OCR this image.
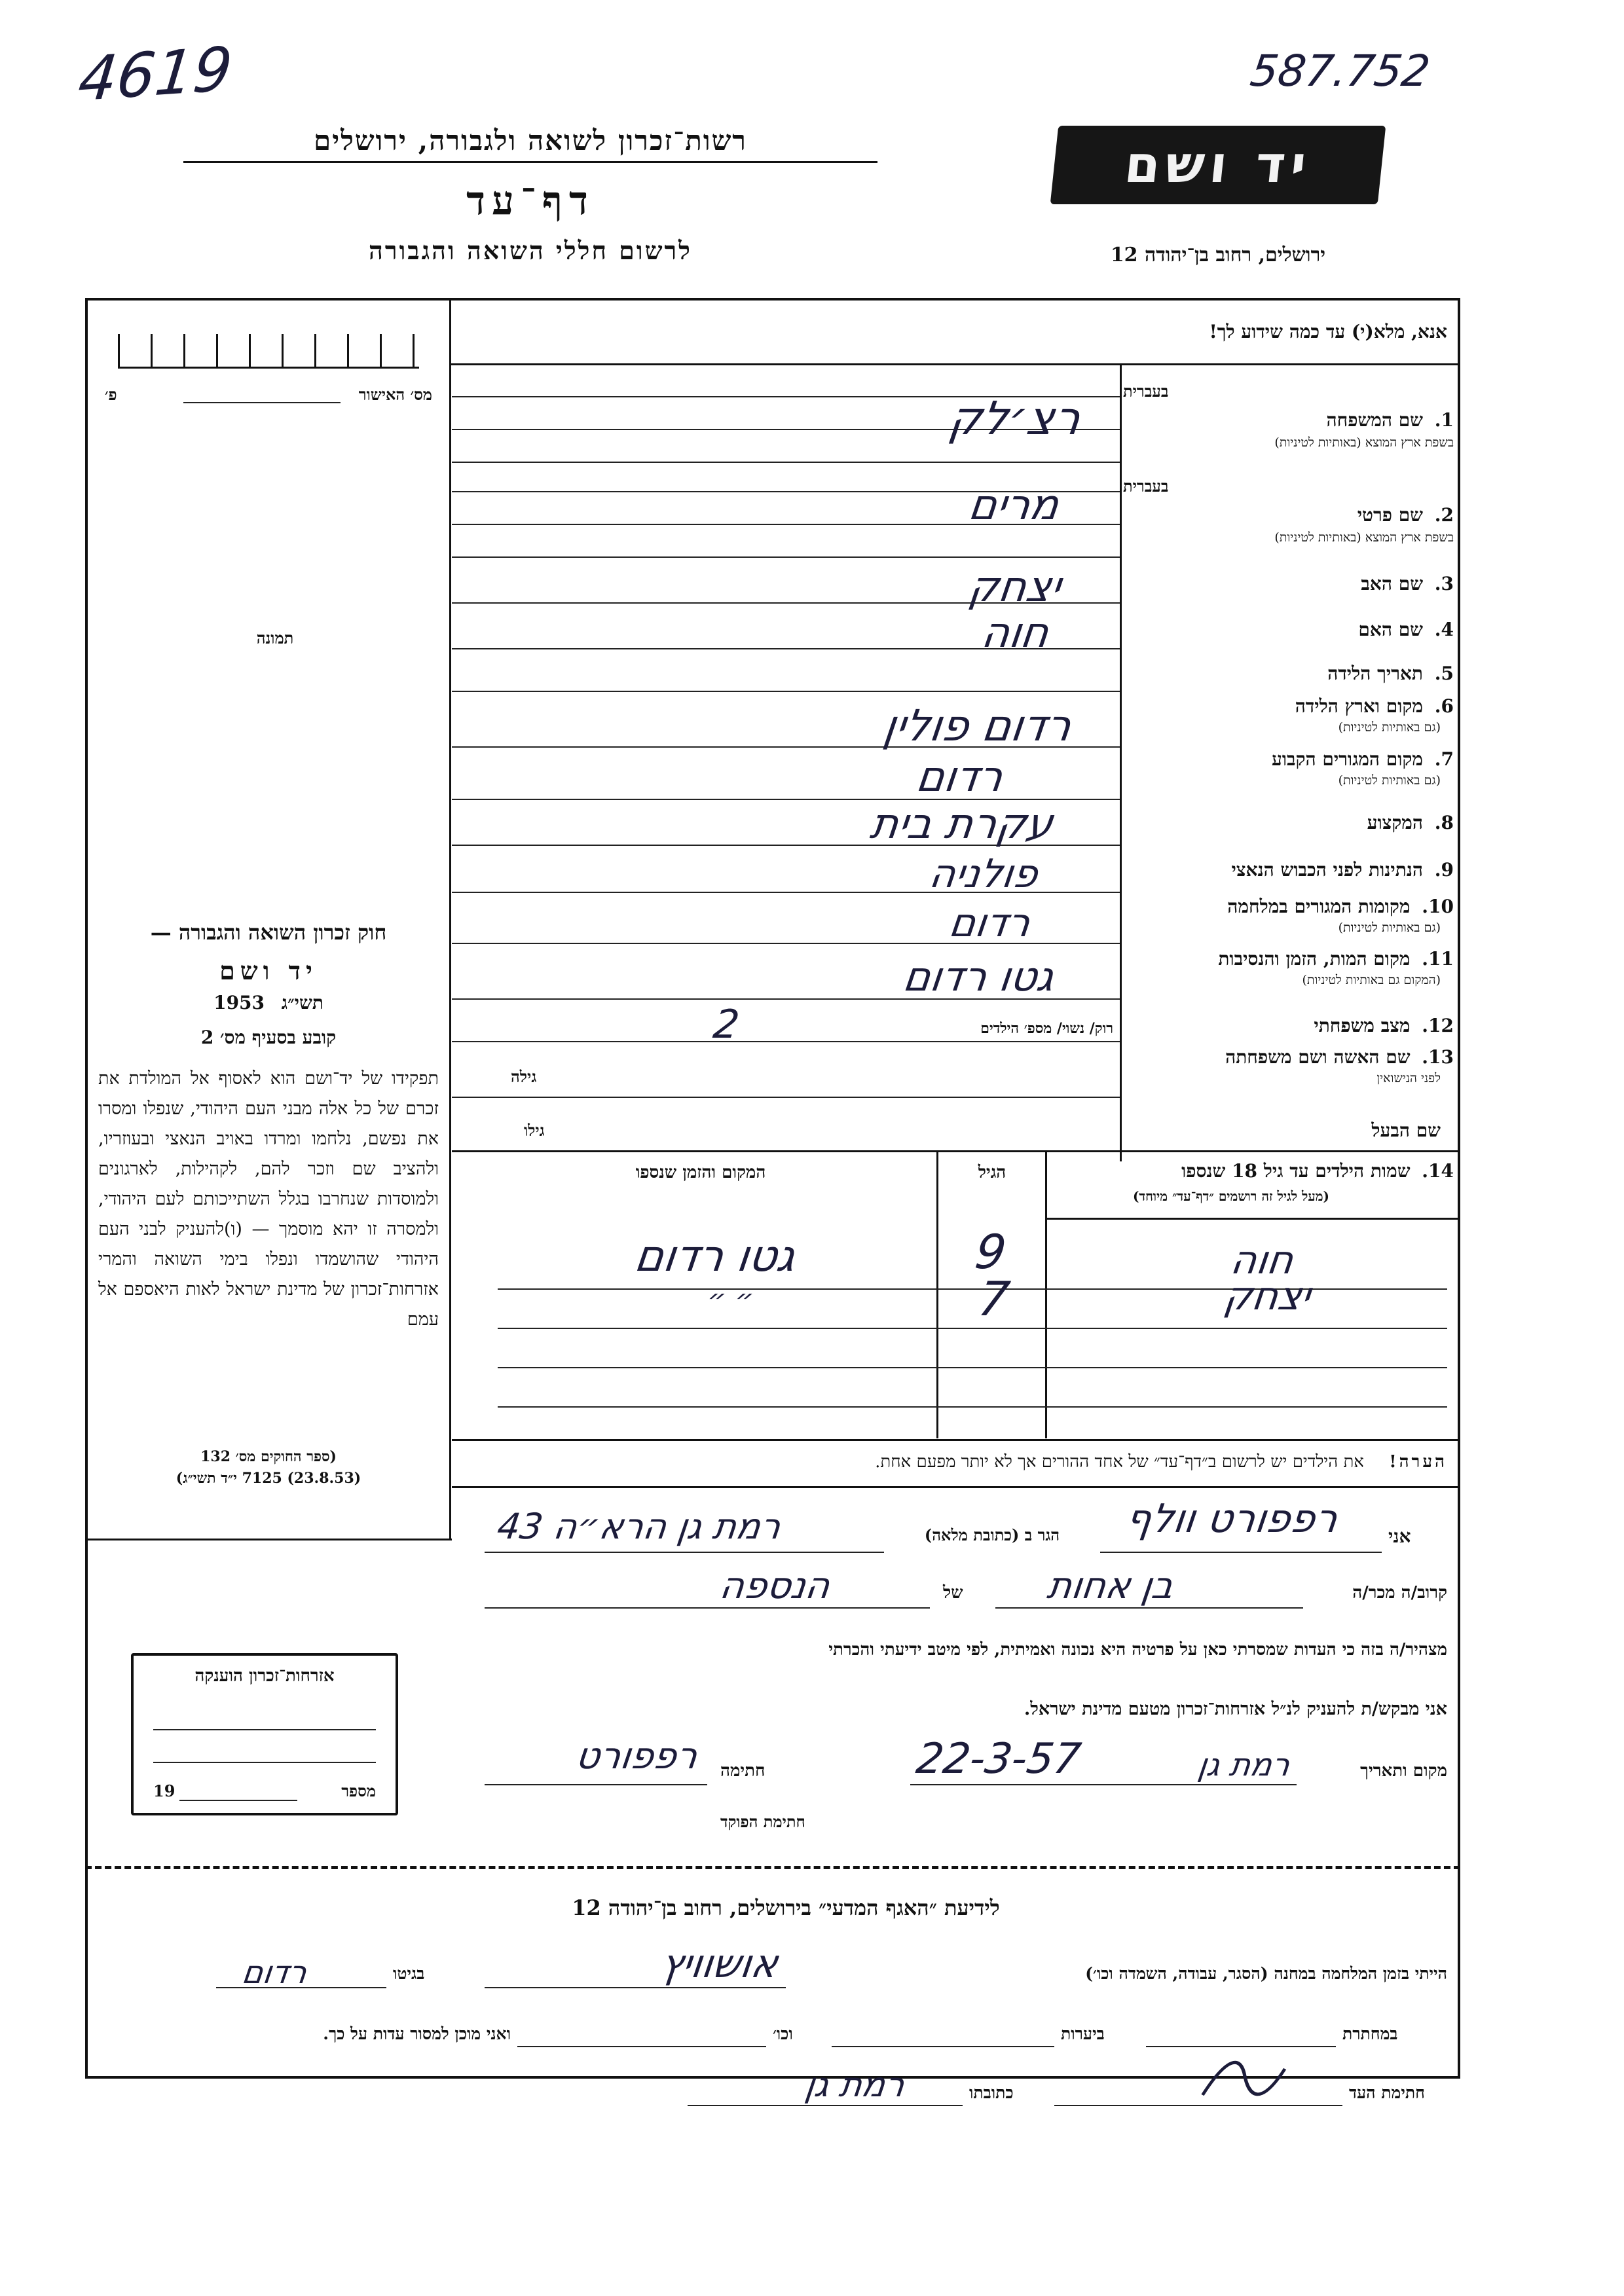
4619	587.752
רשות־זכרון לשואה ולגבורה, ירושלים
דף־עד
לרשום חללי השואה והגבורה
יד ושם
ירושלים, רחוב בן־יהודה 12
אנא, מלא(י) עד כמה שידוע לך!
מס׳ האישור
פ׳
תמונה
חוק זכרון השואה והגבורה —
יד ושם
תשי״ג 1953
קובע בסעיף מס׳ 2
תפקידו של יד־ושם הוא לאסוף אל המולדת את זכרם של כל אלה מבני העם היהודי, שנפלו ומסרו את נפשם, נלחמו ומרדו באויב הנאצי ובעוזריו, ולהציב שם וזכר להם, לקהילות, לארגונים ולמוסדות שנחרבו בגלל השתייכותם לעם היהודי, ולמסרה זו יהא מוסמך — (ו)להעניק לבני העם היהודי שהושמדו ונפלו בימי השואה והמרי אזרחות־זכרון של מדינת ישראל לאות היאספם אל עמם
(ספר החוקים מס׳ 132
(23.8.53) 7125 י״ד תשי״ג)
בעברית
1. שם המשפחה
בשפת ארץ המוצא (באותיות לטיניות)
רצ׳לק
בעברית
2. שם פרטי
בשפת ארץ המוצא (באותיות לטיניות)
מרים
3. שם האב
יצחק
4. שם האם
חוה
5. תאריך הלידה
6. מקום וארץ הלידה
(גם באותיות לטיניות)
רדום פולין
7. מקום המגורים הקבוע
(גם באותיות לטיניות)
רדום
8. המקצוע
עקרת בית
9. הנתינות לפני הכבוש הנאצי
פולניה
10. מקומות המגורים במלחמה
(גם באותיות לטיניות)
רדום
11. מקום המות, הזמן והנסיבות
(המקום גם באותיות לטיניות)
גטו רדום
12. מצב משפחתי
רוק/ נשוי/ מספ׳ הילדים
2
13. שם האשה ושם משפחתה
לפני הנישואין
גילה
שם הבעל
גילו
14. שמות הילדים עד גיל 18 שנספו
(מעל לגיל זה רושמים ״דף־עד״ מיוחד)
הגיל
המקום והזמן שנספו
חוה
9
גטו רדום
יצחק
7
״ ״
הערה! את הילדים יש לרשום ב״דף־עד״ של אחד ההורים אך לא יותר מפעם אחת.
אני
רפפורט וולף
הגר ב (כתובת מלאה)
רמת גן הרא״ה 43
קרוב/ה מכר/ה
בן אחות
של
הנספה
מצהיר/ה בזה כי העדות שמסרתי כאן על פרטיה היא נכונה ואמיתית, לפי מיטב ידיעתי והכרתי
אני מבקש/ת להעניק לנ״ל אזרחות־זכרון מטעם מדינת ישראל.
מקום ותאריך
רמת גן
22-3-57
חתימה
רפפורט
חתימת הפוקד
אזרחות־זכרון הוענקה
מספר
19
לידיעת ״האגף המדעי״ בירושלים, רחוב בן־יהודה 12
הייתי בזמן המלחמה במחנה (הסגר, עבודה, השמדה וכו׳)
אושוויץ
בגיטו
רדום
במחתרת
ביערות
וכו׳
ואני מוכן למסור עדות על כך.
חתימת העד
כתובתו
רמת גן
